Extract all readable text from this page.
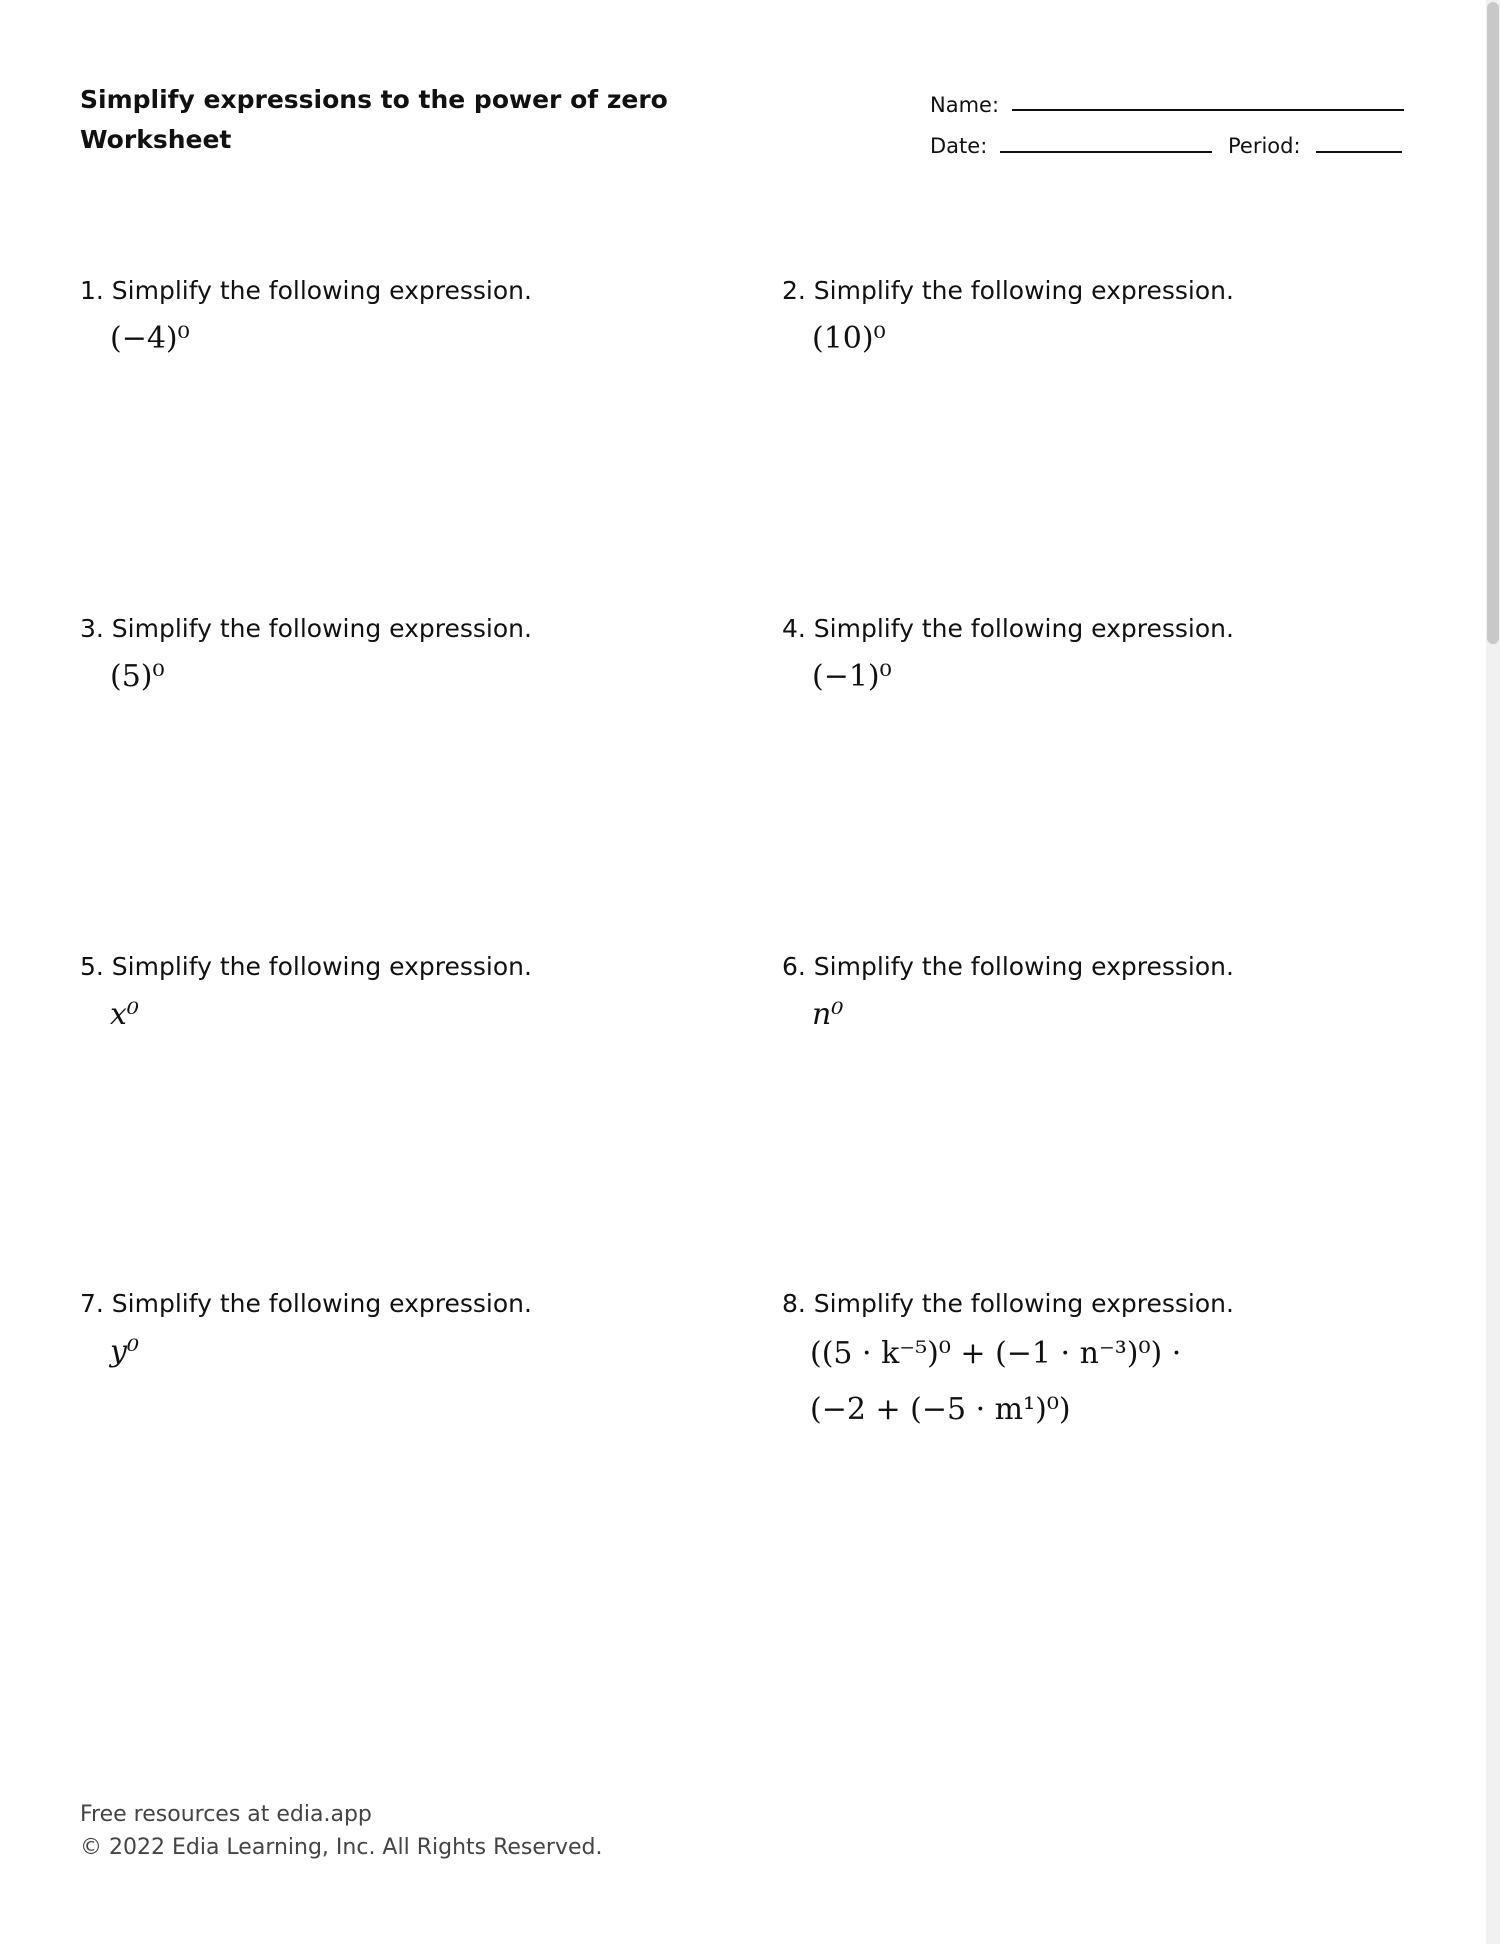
Simplify expressions to the power of zero
Worksheet
Name:
Date:	Period:
1. Simplify the following expression.
(−4)⁰
2. Simplify the following expression.
(10)⁰
3. Simplify the following expression.
(5)⁰
4. Simplify the following expression.
(−1)⁰
5. Simplify the following expression.
x⁰
6. Simplify the following expression.
n⁰
7. Simplify the following expression.
y⁰
8. Simplify the following expression.
((5 · k⁻⁵)⁰ + (−1 · n⁻³)⁰) ·
(−2 + (−5 · m¹)⁰)
Free resources at edia.app
© 2022 Edia Learning, Inc. All Rights Reserved.
